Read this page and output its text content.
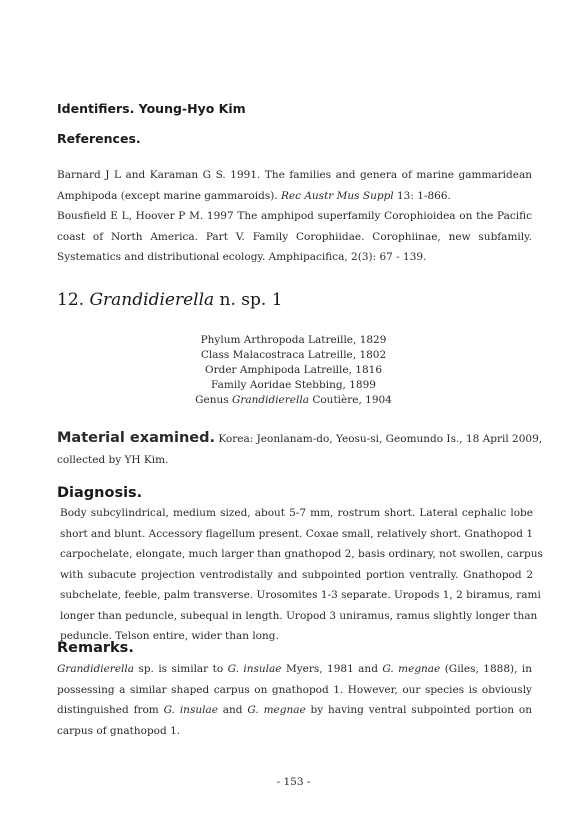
Identifiers. Young-Hyo Kim
References.
Barnard J L and Karaman G S. 1991. The families and genera of marine gammaridean
Amphipoda (except marine gammaroids). Rec Austr Mus Suppl 13: 1-866.
Bousfield E L, Hoover P M. 1997 The amphipod superfamily Corophioidea on the Pacific
coast of North America. Part V. Family Corophiidae. Corophiinae, new subfamily.
Systematics and distributional ecology. Amphipacifica, 2(3): 67 - 139.
12. Grandidierella n. sp. 1
Phylum Arthropoda Latreille, 1829
Class Malacostraca Latreille, 1802
Order Amphipoda Latreille, 1816
Family Aoridae Stebbing, 1899
Genus Grandidierella Coutière, 1904
Material examined. Korea: Jeonlanam-do, Yeosu-si, Geomundo Is., 18 April 2009,
collected by YH Kim.
Diagnosis.
Body subcylindrical, medium sized, about 5-7 mm, rostrum short. Lateral cephalic lobe
short and blunt. Accessory flagellum present. Coxae small, relatively short. Gnathopod 1
carpochelate, elongate, much larger than gnathopod 2, basis ordinary, not swollen, carpus
with subacute projection ventrodistally and subpointed portion ventrally. Gnathopod 2
subchelate, feeble, palm transverse. Urosomites 1-3 separate. Uropods 1, 2 biramus, rami
longer than peduncle, subequal in length. Uropod 3 uniramus, ramus slightly longer than
peduncle. Telson entire, wider than long.
Remarks.
Grandidierella sp. is similar to G. insulae Myers, 1981 and G. megnae (Giles, 1888), in
possessing a similar shaped carpus on gnathopod 1. However, our species is obviously
distinguished from G. insulae and G. megnae by having ventral subpointed portion on
carpus of gnathopod 1.
- 153 -
